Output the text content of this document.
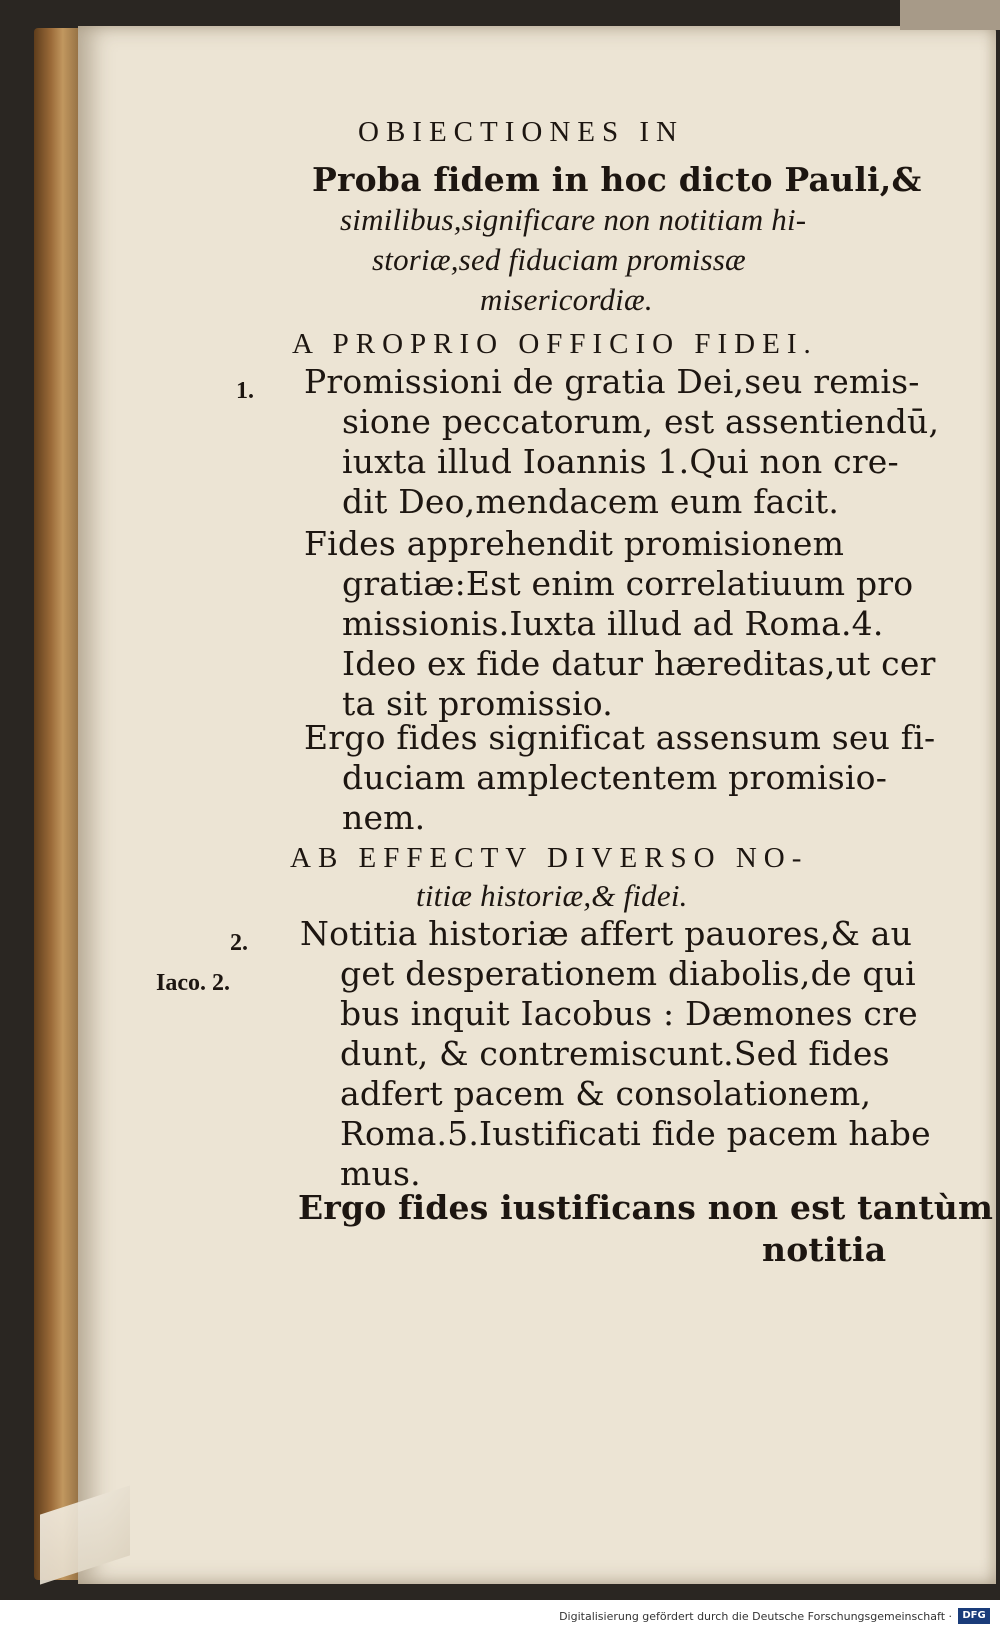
OBIECTIONES IN
Proba fidem in hoc dicto Pauli,&
similibus,significare non notitiam hi-
storiæ,sed fiduciam promissæ
misericordiæ.
A PROPRIO OFFICIO FIDEI.
1. Promissioni de gratia Dei,seu remis-
sione peccatorum, est assentiendū,
iuxta illud Ioannis 1.Qui non cre-
dit Deo,mendacem eum facit.
Fides apprehendit promisionem
gratiæ:Est enim correlatiuum pro
missionis.Iuxta illud ad Roma.4.
Ideo ex fide datur hæreditas,ut cer
ta sit promissio.
Ergo fides significat assensum seu fi-
duciam amplectentem promisio-
nem.
AB EFFECTV DIVERSO NO-
titiæ historiæ,& fidei.
2.
Iaco. 2.
Notitia historiæ affert pauores,& au
get desperationem diabolis,de qui
bus inquit Iacobus : Dæmones cre
dunt, & contremiscunt.Sed fides
adfert pacem & consolationem,
Roma.5.Iustificati fide pacem habe
mus.
Ergo fides iustificans non est tantùm
notitia
Digitalisierung gefördert durch die Deutsche Forschungsgemeinschaft ·	DFG
